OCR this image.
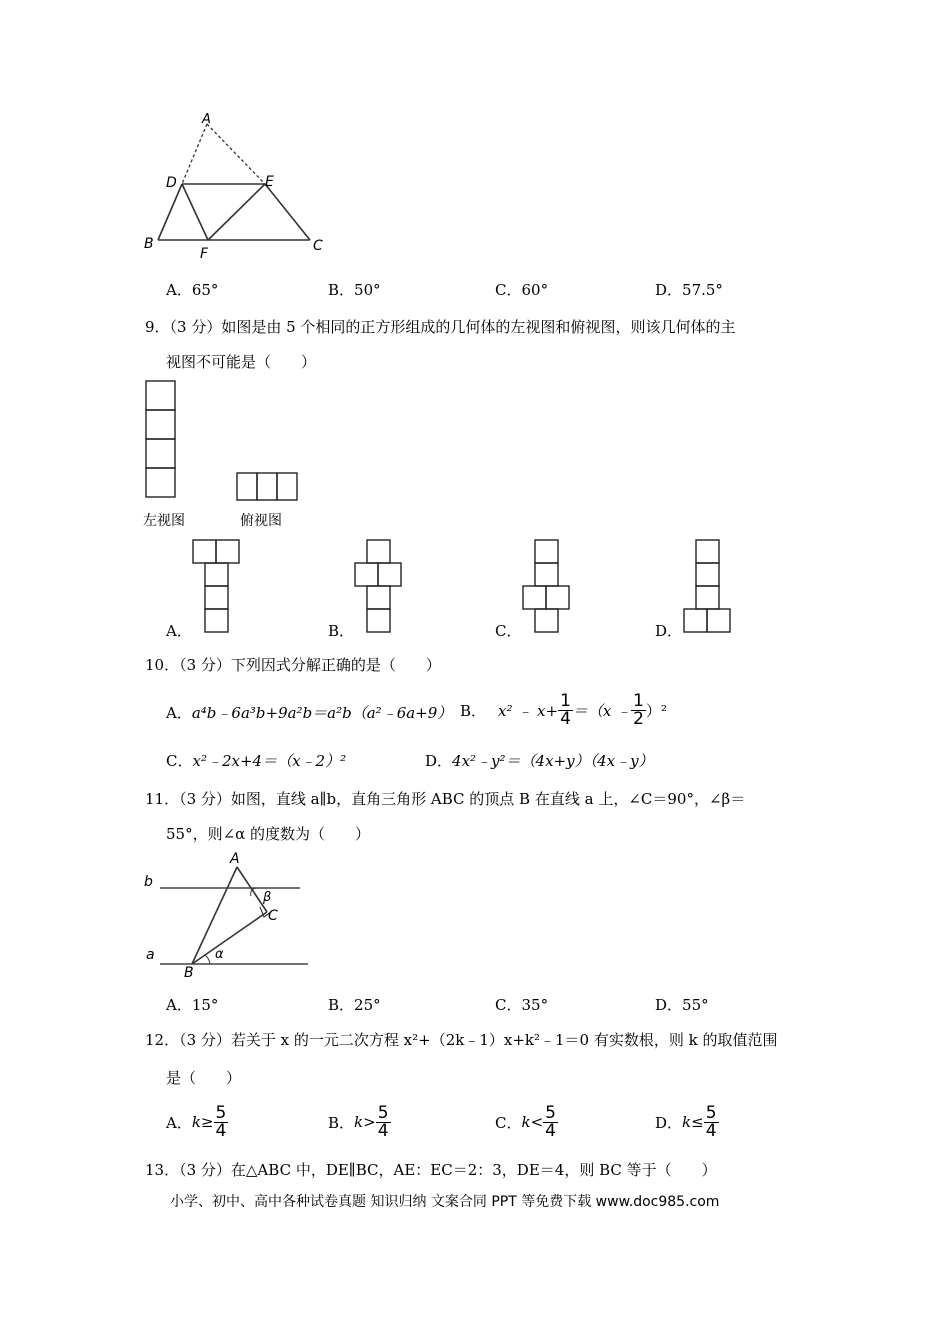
A
D	E
B
F	C
A．65°	B．50°	C．60°	D．57.5°
9．（3 分）如图是由 5 个相同的正方形组成的几何体的左视图和俯视图，则该几何体的主
视图不可能是（　　）
左视图	俯视图
A．	B．	C．	D．
10．（3 分）下列因式分解正确的是（　　）
A．a⁴b﹣6a³b+9a²b＝a²b（a²﹣6a+9） B． x² ﹣ $x+ \frac{1}{4} =(x$ ﹣ $\frac{1}{2} )^2$
C．x²﹣2x+4＝（x﹣2）²	D．4x²﹣y²＝（4x+y）（4x﹣y）
11．（3 分）如图，直线 a∥b，直角三角形 ABC 的顶点 B 在直线 a 上，∠C＝90°，∠β＝
55°，则∠α 的度数为（　　）
A
b
β
C
a	α
B
A．15°	B．25°	C．35°	D．55°
12．（3 分）若关于 x 的一元二次方程 x²+（2k﹣1）x+k²﹣1＝0 有实数根，则 k 的取值范围
是（　　）
A． $k\ge \frac{5}{4}$	B． $k> \frac{5}{4}$	C． $k< \frac{5}{4}$	D． $k\le \frac{5}{4}$
13．（3 分）在△ABC 中，DE∥BC，AE：EC＝2：3，DE＝4，则 BC 等于（　　）
小学、初中、高中各种试卷真题 知识归纳 文案合同 PPT 等免费下载 www.doc985.com
